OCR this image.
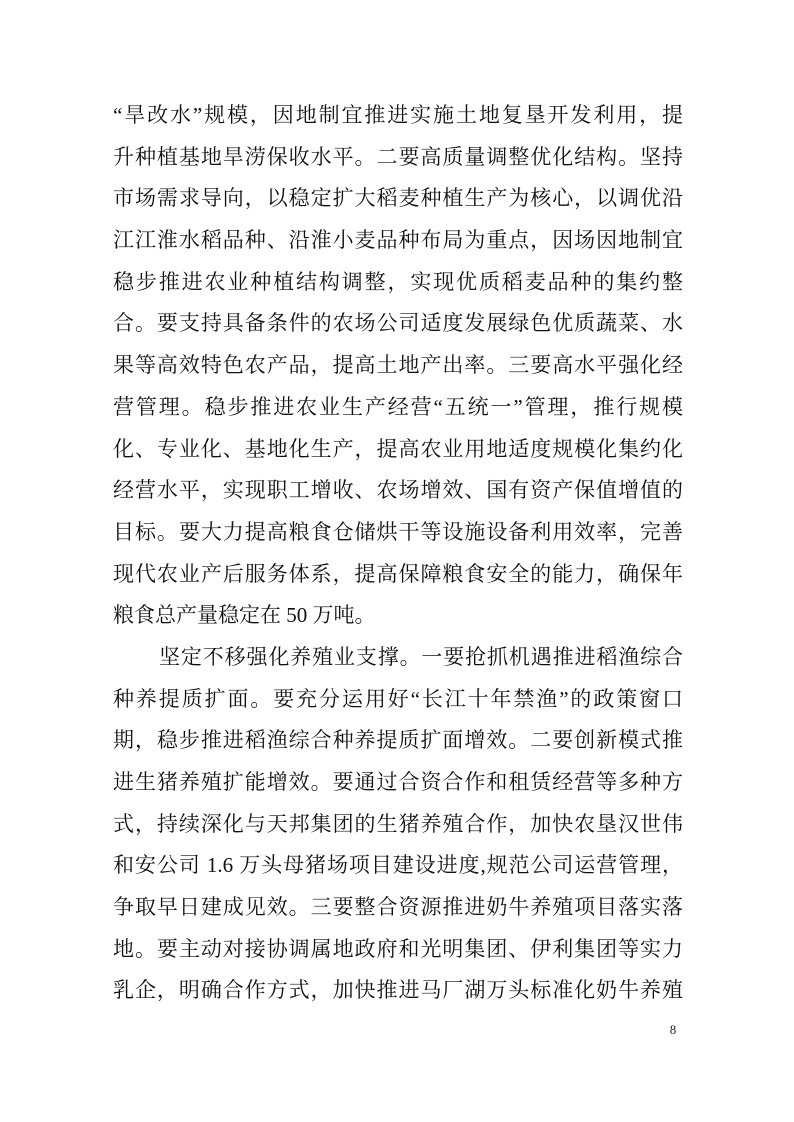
“旱改水”规模，因地制宜推进实施土地复垦开发利用，提
升种植基地旱涝保收水平。二要高质量调整优化结构。坚持
市场需求导向，以稳定扩大稻麦种植生产为核心，以调优沿
江江淮水稻品种、沿淮小麦品种布局为重点，因场因地制宜
稳步推进农业种植结构调整，实现优质稻麦品种的集约整
合。要支持具备条件的农场公司适度发展绿色优质蔬菜、水
果等高效特色农产品，提高土地产出率。三要高水平强化经
营管理。稳步推进农业生产经营“五统一”管理，推行规模
化、专业化、基地化生产，提高农业用地适度规模化集约化
经营水平，实现职工增收、农场增效、国有资产保值增值的
目标。要大力提高粮食仓储烘干等设施设备利用效率，完善
现代农业产后服务体系，提高保障粮食安全的能力，确保年
粮食总产量稳定在 50 万吨。
坚定不移强化养殖业支撑。一要抢抓机遇推进稻渔综合
种养提质扩面。要充分运用好“长江十年禁渔”的政策窗口
期，稳步推进稻渔综合种养提质扩面增效。二要创新模式推
进生猪养殖扩能增效。要通过合资合作和租赁经营等多种方
式，持续深化与天邦集团的生猪养殖合作，加快农垦汉世伟
和安公司 1.6 万头母猪场项目建设进度,规范公司运营管理，
争取早日建成见效。三要整合资源推进奶牛养殖项目落实落
地。要主动对接协调属地政府和光明集团、伊利集团等实力
乳企，明确合作方式，加快推进马厂湖万头标准化奶牛养殖
8
